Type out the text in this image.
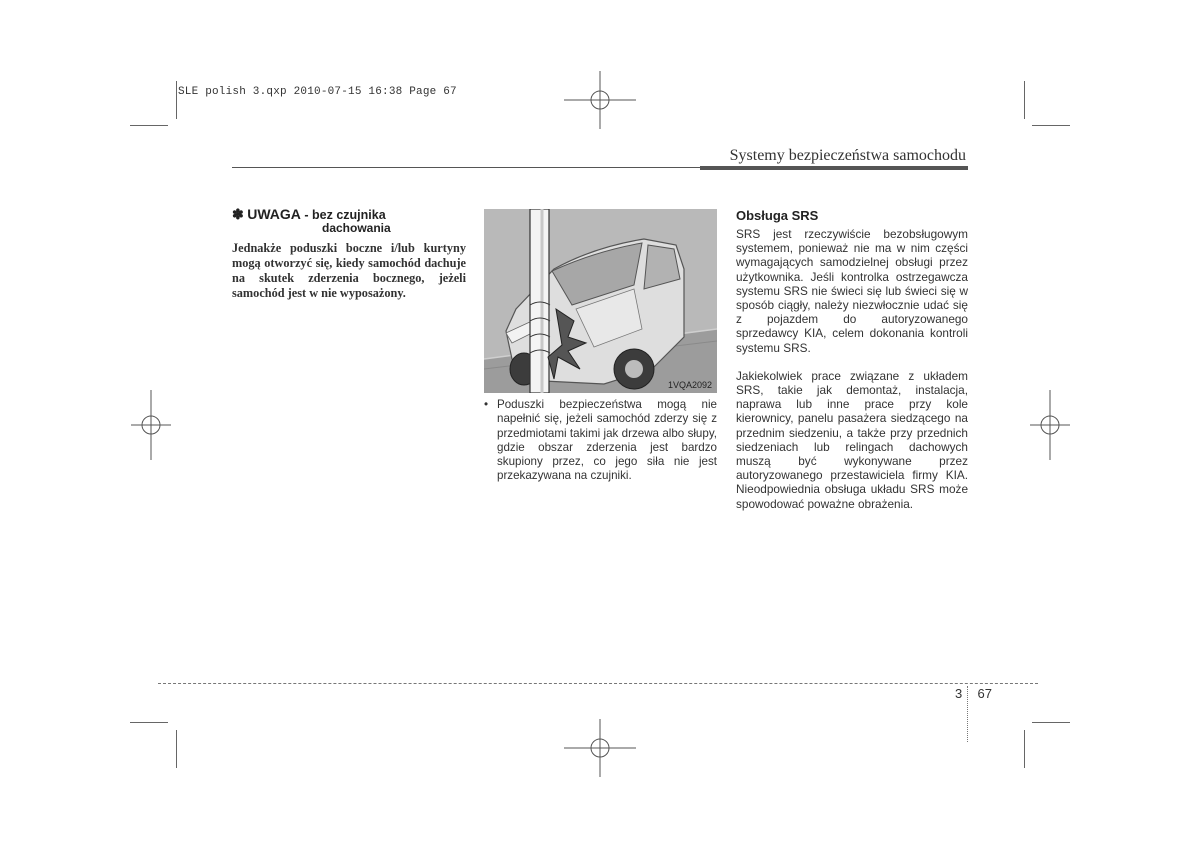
SLE polish 3.qxp 2010-07-15 16:38 Page 67
Systemy bezpieczeństwa samochodu
✽ UWAGA - bez czujnika
dachowania
Jednakże poduszki boczne i/lub kurtyny mogą otworzyć się, kiedy samochód dachuje na skutek zderzenia bocznego, jeżeli samochód jest w nie wyposażony.
1VQA2092
• Poduszki bezpieczeństwa mogą nie napełnić się, jeżeli samochód zderzy się z przedmiotami takimi jak drzewa albo słupy, gdzie obszar zderzenia jest bardzo skupiony przez, co jego siła nie jest przekazywana na czujniki.
Obsługa SRS
SRS jest rzeczywiście bezobsługowym systemem, ponieważ nie ma w nim części wymagających samodzielnej obsługi przez użytkownika. Jeśli kontrolka ostrzegawcza systemu SRS nie świeci się lub świeci się w sposób ciągły, należy niezwłocznie udać się z pojazdem do autoryzowanego sprzedawcy KIA, celem dokonania kontroli systemu SRS.
Jakiekolwiek prace związane z układem SRS, takie jak demontaż, instalacja, naprawa lub inne prace przy kole kierownicy, panelu pasażera siedzącego na przednim siedzeniu, a także przy przednich siedzeniach lub relingach dachowych muszą być wykonywane przez autoryzowanego przestawiciela firmy KIA. Nieodpowiednia obsługa układu SRS może spowodować poważne obrażenia.
3 67
